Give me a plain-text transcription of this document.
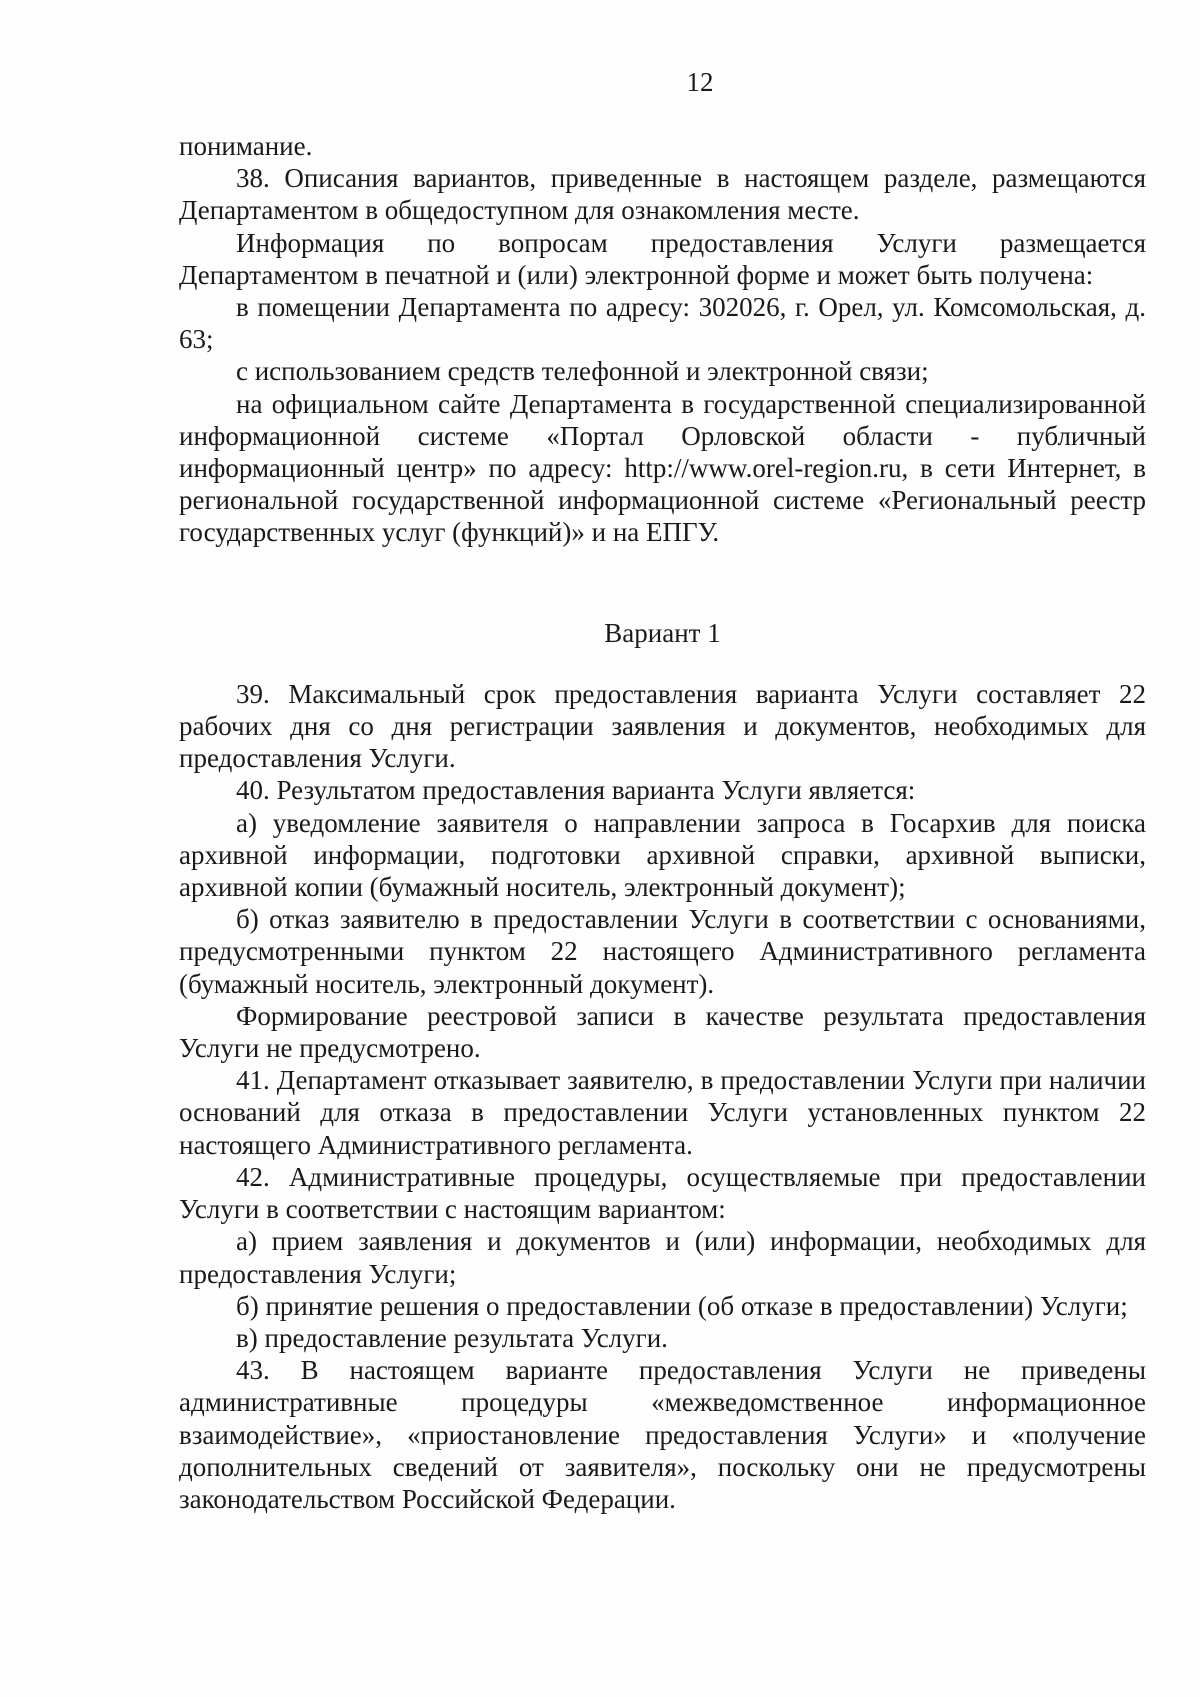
12

понимание.

38. Описания вариантов, приведенные в настоящем разделе, размещаются Департаментом в общедоступном для ознакомления месте.

Информация по вопросам предоставления Услуги размещается Департаментом в печатной и (или) электронной форме и может быть получена:

в помещении Департамента по адресу: 302026, г. Орел, ул. Комсомольская, д. 63;

с использованием средств телефонной и электронной связи;

на официальном сайте Департамента в государственной специализированной информационной системе «Портал Орловской области - публичный информационный центр» по адресу: http://www.orel-region.ru, в сети Интернет, в региональной государственной информационной системе «Региональный реестр государственных услуг (функций)» и на ЕПГУ.

Вариант 1

39. Максимальный срок предоставления варианта Услуги составляет 22 рабочих дня со дня регистрации заявления и документов, необходимых для предоставления Услуги.

40. Результатом предоставления варианта Услуги является:

а) уведомление заявителя о направлении запроса в Госархив для поиска архивной информации, подготовки архивной справки, архивной выписки, архивной копии (бумажный носитель, электронный документ);

б) отказ заявителю в предоставлении Услуги в соответствии с основаниями, предусмотренными пунктом 22 настоящего Административного регламента (бумажный носитель, электронный документ).

Формирование реестровой записи в качестве результата предоставления Услуги не предусмотрено.

41. Департамент отказывает заявителю, в предоставлении Услуги при наличии оснований для отказа в предоставлении Услуги установленных пунктом 22 настоящего Административного регламента.

42. Административные процедуры, осуществляемые при предоставлении Услуги в соответствии с настоящим вариантом:

а) прием заявления и документов и (или) информации, необходимых для предоставления Услуги;

б) принятие решения о предоставлении (об отказе в предоставлении) Услуги;

в) предоставление результата Услуги.

43. В настоящем варианте предоставления Услуги не приведены административные процедуры «межведомственное информационное взаимодействие», «приостановление предоставления Услуги» и «получение дополнительных сведений от заявителя», поскольку они не предусмотрены законодательством Российской Федерации.
